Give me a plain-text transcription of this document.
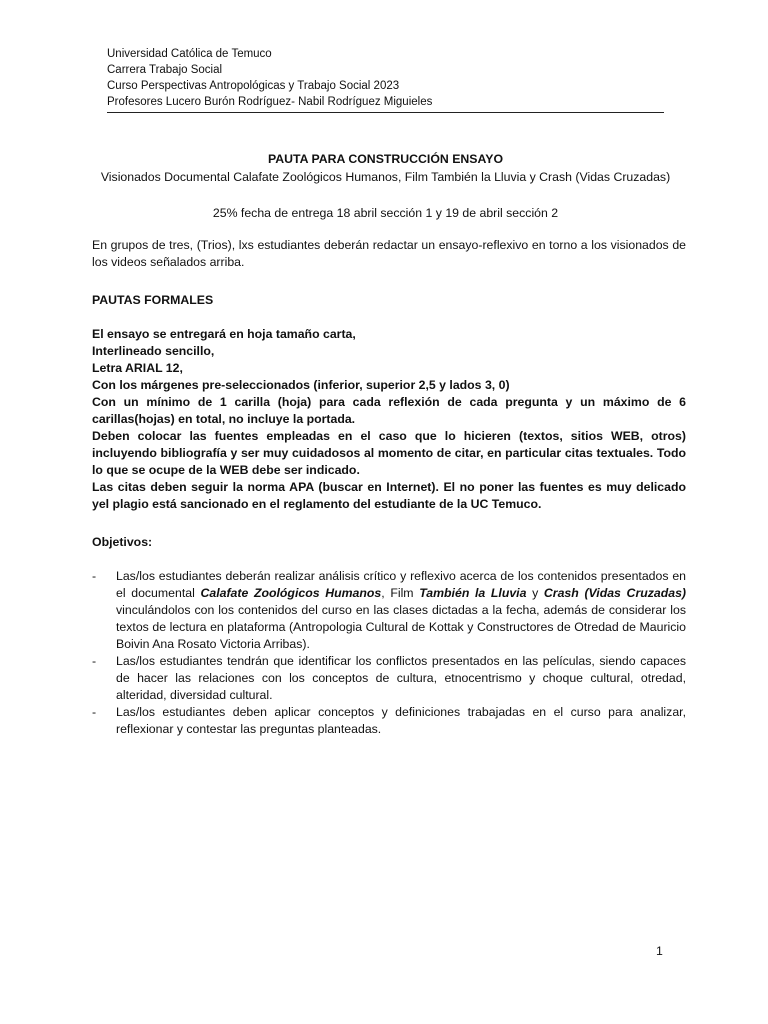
Universidad Católica de Temuco
Carrera Trabajo Social
Curso Perspectivas Antropológicas y Trabajo Social 2023
Profesores Lucero Burón Rodríguez- Nabil Rodríguez Miguieles
PAUTA PARA CONSTRUCCIÓN ENSAYO
Visionados Documental Calafate Zoológicos Humanos, Film También la Lluvia y Crash (Vidas Cruzadas)
25% fecha de entrega 18 abril sección 1 y 19 de abril sección 2
En grupos de tres, (Trios), lxs estudiantes deberán redactar un ensayo-reflexivo en torno a los visionados de los videos señalados arriba.
PAUTAS FORMALES
El ensayo se entregará en hoja tamaño carta,
Interlineado sencillo,
Letra ARIAL 12,
Con los márgenes pre-seleccionados (inferior, superior 2,5 y lados 3, 0)
Con un mínimo de 1 carilla (hoja) para cada reflexión de cada pregunta y un máximo de 6 carillas(hojas) en total, no incluye la portada.
Deben colocar las fuentes empleadas en el caso que lo hicieren (textos, sitios WEB, otros) incluyendo bibliografía y ser muy cuidadosos al momento de citar, en particular citas textuales. Todo lo que se ocupe de la WEB debe ser indicado.
Las citas deben seguir la norma APA (buscar en Internet). El no poner las fuentes es muy delicado yel plagio está sancionado en el reglamento del estudiante de la UC Temuco.
Objetivos:
- Las/los estudiantes deberán realizar análisis crítico y reflexivo acerca de los contenidos presentados en el documental Calafate Zoológicos Humanos, Film También la Lluvia y Crash (Vidas Cruzadas) vinculándolos con los contenidos del curso en las clases dictadas a la fecha, además de considerar los textos de lectura en plataforma (Antropologia Cultural de Kottak y Constructores de Otredad de Mauricio Boivin Ana Rosato Victoria Arribas).
- Las/los estudiantes tendrán que identificar los conflictos presentados en las películas, siendo capaces de hacer las relaciones con los conceptos de cultura, etnocentrismo y choque cultural, otredad, alteridad, diversidad cultural.
- Las/los estudiantes deben aplicar conceptos y definiciones trabajadas en el curso para analizar, reflexionar y contestar las preguntas planteadas.
1
